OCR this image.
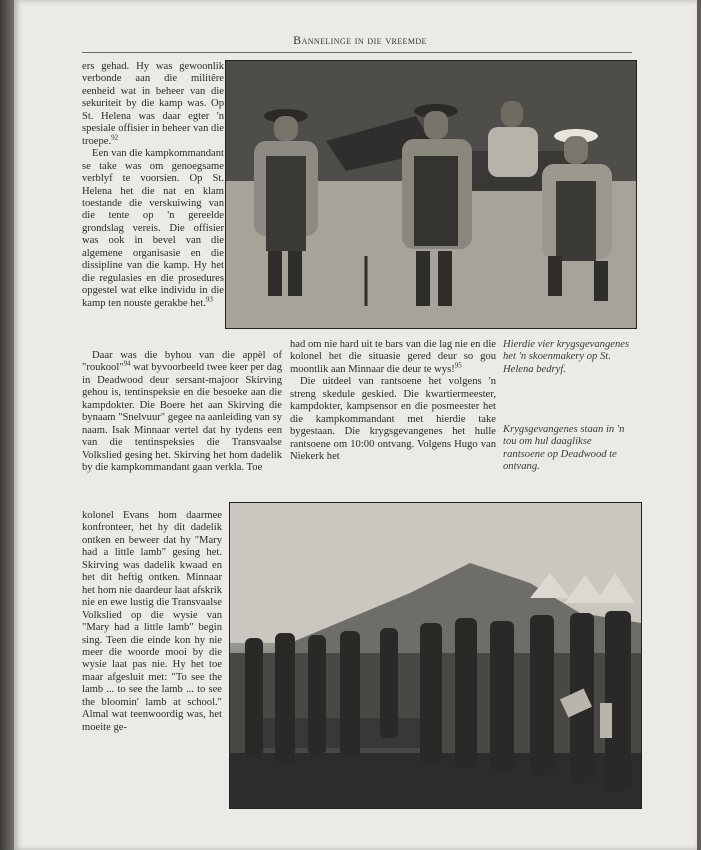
Bannelinge in die vreemde

ers gehad. Hy was gewoonlik verbonde aan die militêre eenheid wat in beheer van die sekuriteit by die kamp was. Op St. Helena was daar egter 'n spesiale offisier in beheer van die troepe.$^{92}$

Een van die kampkommandant se take was om genoegsame verblyf te voorsien. Op St. Helena het die nat en klam toestande die verskuiwing van die tente op 'n gereelde grondslag vereis. Die offisier was ook in bevel van die algemene organisasie en die dissipline van die kamp. Hy het die regulasies en die prosedures opgestel wat elke individu in die kamp ten nouste gerakbe het.$^{93}$

Daar was die byhou van die appèl of "roukool"$^{94}$ wat byvoorbeeld twee keer per dag in Deadwood deur sersant-majoor Skirving gehou is, tentinspeksie en die besoeke aan die kampdokter. Die Boere het aan Skirving die bynaam "Snelvuur" gegee na aanleiding van sy naam. Isak Minnaar vertel dat hy tydens een van die tentinspeksies die Transvaalse Volkslied gesing het. Skirving het hom dadelik by die kampkommandant gaan verkla. Toe

kolonel Evans hom daarmee konfronteer, het hy dit dadelik ontken en beweer dat hy "Mary had a little lamb" gesing het. Skirving was dadelik kwaad en het dit heftig ontken. Minnaar het hom nie daardeur laat afskrik nie en ewe lustig die Transvaalse Volkslied op die wysie van "Mary had a little lamb" begin sing. Teen die einde kon hy nie meer die woorde mooi by die wysie laat pas nie. Hy het toe maar afgesluit met: "To see the lamb ... to see the lamb ... to see the bloomin' lamb at school." Almal wat teenwoordig was, het moeite ge-

had om nie hard uit te bars van die lag nie en die kolonel het die situasie gered deur so gou moontlik aan Minnaar die deur te wys!$^{95}$

Die uitdeel van rantsoene het volgens 'n streng skedule geskied. Die kwartiermeester, kampdokter, kampsensor en die posmeester het die kampkommandant met hierdie take bygestaan. Die krygsgevangenes het hulle rantsoene om 10:00 ontvang. Volgens Hugo van Niekerk het

Hierdie vier krygsgevangenes het 'n skoenmakery op St. Helena bedryf.
Krygsgevangenes staan in 'n tou om hul daaglikse rantsoene op Deadwood te ontvang.
111
